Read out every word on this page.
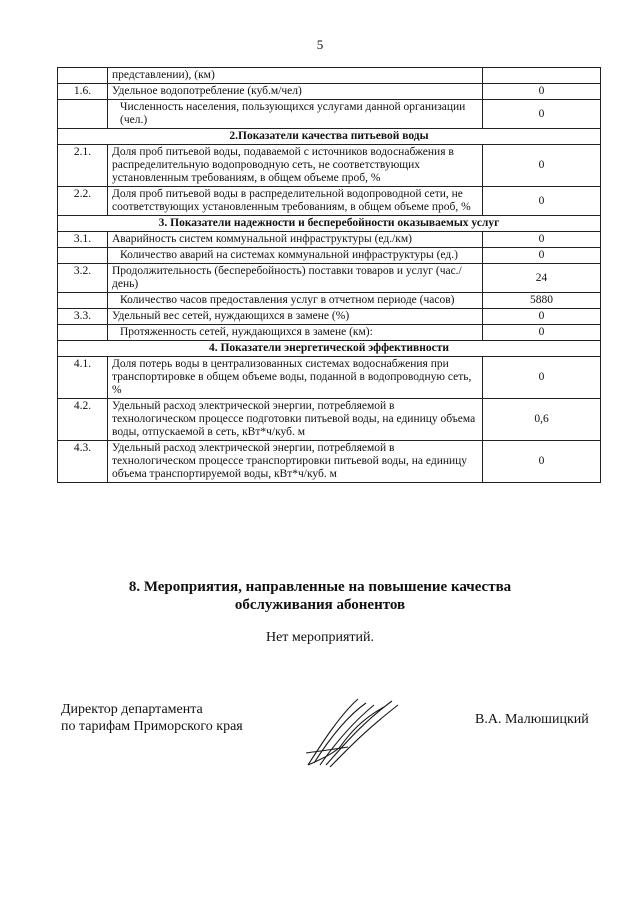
5
	представлении), (км)	
1.6.	Удельное водопотребление (куб.м/чел)	0
	Численность населения, пользующихся услугами данной организации (чел.)	0
2.Показатели качества питьевой воды		
2.1.	Доля проб питьевой воды, подаваемой с источников водоснабжения в распределительную водопроводную сеть, не соответствующих установленным требованиям, в общем объеме проб, %	0
2.2.	Доля проб питьевой воды в распределительной водопроводной сети, не соответствующих установленным требованиям, в общем объеме проб, %	0
3. Показатели надежности и бесперебойности оказываемых услуг		
3.1.	Аварийность систем коммунальной инфраструктуры (ед./км)	0
	Количество аварий на системах коммунальной инфраструктуры (ед.)	0
3.2.	Продолжительность (бесперебойность) поставки товаров и услуг (час./день)	24
	Количество часов предоставления услуг в отчетном периоде (часов)	5880
3.3.	Удельный вес сетей, нуждающихся в замене (%)	0
	Протяженность сетей, нуждающихся в замене (км):	0
4. Показатели энергетической эффективности		
4.1.	Доля потерь воды в централизованных системах водоснабжения при транспортировке в общем объеме воды, поданной в водопроводную сеть, %	0
4.2.	Удельный расход электрической энергии, потребляемой в технологическом процессе подготовки питьевой воды, на единицу объема воды, отпускаемой в сеть, кВт*ч/куб. м	0,6
4.3.	Удельный расход электрической энергии, потребляемой в технологическом процессе транспортировки питьевой воды, на единицу объема транспортируемой воды, кВт*ч/куб. м	0
8. Мероприятия, направленные на повышение качества
обслуживания абонентов
Нет мероприятий.
Директор департамента
по тарифам Приморского края	В.А. Малюшицкий
